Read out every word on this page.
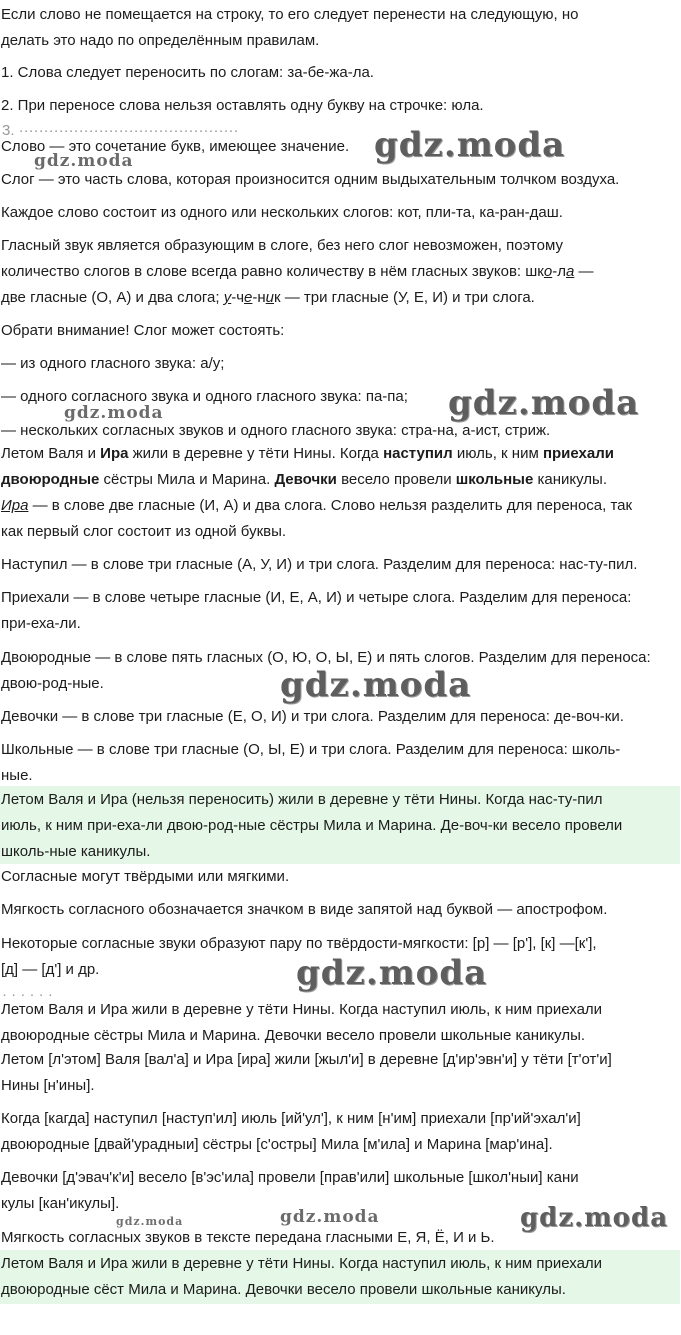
Если слово не помещается на строку, то его следует перенести на следующую, но
делать это надо по определённым правилам.
1. Слова следует переносить по слогам: за-бе-жа-ла.
2. При переносе слова нельзя оставлять одну букву на строчке: юла.
3. ············································
Слово — это сочетание букв, имеющее значение.
Слог — это часть слова, которая произносится одним выдыхательным толчком воздуха.
Каждое слово состоит из одного или нескольких слогов: кот, пли-та, ка-ран-даш.
Гласный звук является образующим в слоге, без него слог невозможен, поэтому
количество слогов в слове всегда равно количеству в нём гласных звуков: шко-ла —
две гласные (О, А) и два слога; у-че-ник — три гласные (У, Е, И) и три слога.
Обрати внимание! Слог может состоять:
— из одного гласного звука: а/у;
— одного согласного звука и одного гласного звука: па-па;
— нескольких согласных звуков и одного гласного звука: стра-на, а-ист, стриж.
Летом Валя и Ира жили в деревне у тёти Нины. Когда наступил июль, к ним приехали
двоюродные сёстры Мила и Марина. Девочки весело провели школьные каникулы.
Ира — в слове две гласные (И, А) и два слога. Слово нельзя разделить для переноса, так
как первый слог состоит из одной буквы.
Наступил — в слове три гласные (А, У, И) и три слога. Разделим для переноса: нас-ту-пил.
Приехали — в слове четыре гласные (И, Е, А, И) и четыре слога. Разделим для переноса:
при-еха-ли.
Двоюродные — в слове пять гласных (О, Ю, О, Ы, Е) и пять слогов. Разделим для переноса:
двою-род-ные.
Девочки — в слове три гласные (Е, О, И) и три слога. Разделим для переноса: де-воч-ки.
Школьные — в слове три гласные (О, Ы, Е) и три слога. Разделим для переноса: школь-
ные.
Летом Валя и Ира (нельзя переносить) жили в деревне у тёти Нины. Когда нас-ту-пил
июль, к ним при-еха-ли двою-род-ные сёстры Мила и Марина. Де-воч-ки весело провели
школь-ные каникулы.
Согласные могут твёрдыми или мягкими.
Мягкость согласного обозначается значком в виде запятой над буквой — апострофом.
Некоторые согласные звуки образуют пару по твёрдости-мягкости: [р] — [р'], [к] —[к'],
[д] — [д'] и др.
· · · · · ·
Летом Валя и Ира жили в деревне у тёти Нины. Когда наступил июль, к ним приехали
двоюродные сёстры Мила и Марина. Девочки весело провели школьные каникулы.
Летом [л'этом] Валя [вал'а] и Ира [ира] жили [жыл'и] в деревне [д'ир'эвн'и] у тёти [т'от'и]
Нины [н'ины].
Когда [кагда] наступил [наступ'ил] июль [ий'ул'], к ним [н'им] приехали [пр'ий'эхал'и]
двоюродные [двай'урадныи] сёстры [с'остры] Мила [м'ила] и Марина [мар'ина].
Девочки [д'эвач'к'и] весело [в'эс'ила] провели [прав'или] школьные [школ'ныи] кани
кулы [кан'икулы].
Мягкость согласных звуков в тексте передана гласными Е, Я, Ё, И и Ь.
Летом Валя и Ира жили в деревне у тёти Нины. Когда наступил июль, к ним приехали
двоюродные сёст Мила и Марина. Девочки весело провели школьные каникулы.
gdz.moda
gdz.moda
gdz.moda
gdz.moda
gdz.moda
gdz.moda
gdz.moda	gdz.moda	gdz.moda
